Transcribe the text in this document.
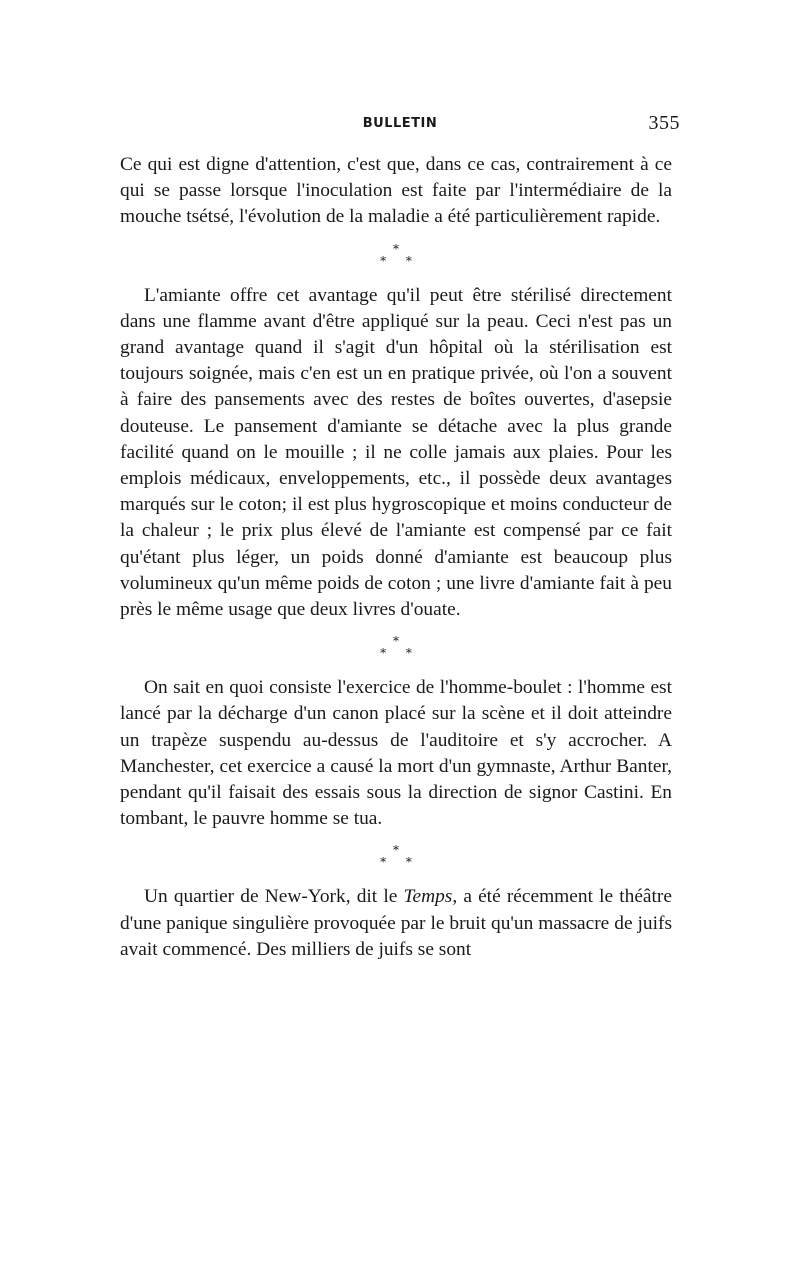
BULLETIN	355

Ce qui est digne d'attention, c'est que, dans ce cas, contrairement à ce qui se passe lorsque l'inoculation est faite par l'intermédiaire de la mouche tsétsé, l'évolution de la maladie a été particulièrement rapide.

*
* *

L'amiante offre cet avantage qu'il peut être stérilisé directement dans une flamme avant d'être appliqué sur la peau. Ceci n'est pas un grand avantage quand il s'agit d'un hôpital où la stérilisation est toujours soignée, mais c'en est un en pratique privée, où l'on a souvent à faire des pansements avec des restes de boîtes ouvertes, d'asepsie douteuse. Le pansement d'amiante se détache avec la plus grande facilité quand on le mouille ; il ne colle jamais aux plaies. Pour les emplois médicaux, enveloppements, etc., il possède deux avantages marqués sur le coton; il est plus hygroscopique et moins conducteur de la chaleur ; le prix plus élevé de l'amiante est compensé par ce fait qu'étant plus léger, un poids donné d'amiante est beaucoup plus volumineux qu'un même poids de coton ; une livre d'amiante fait à peu près le même usage que deux livres d'ouate.

*
* *

On sait en quoi consiste l'exercice de l'homme-boulet : l'homme est lancé par la décharge d'un canon placé sur la scène et il doit atteindre un trapèze suspendu au-dessus de l'auditoire et s'y accrocher. A Manchester, cet exercice a causé la mort d'un gymnaste, Arthur Banter, pendant qu'il faisait des essais sous la direction de signor Castini. En tombant, le pauvre homme se tua.

*
* *

Un quartier de New-York, dit le Temps, a été récemment le théâtre d'une panique singulière provoquée par le bruit qu'un massacre de juifs avait commencé. Des milliers de juifs se sont
